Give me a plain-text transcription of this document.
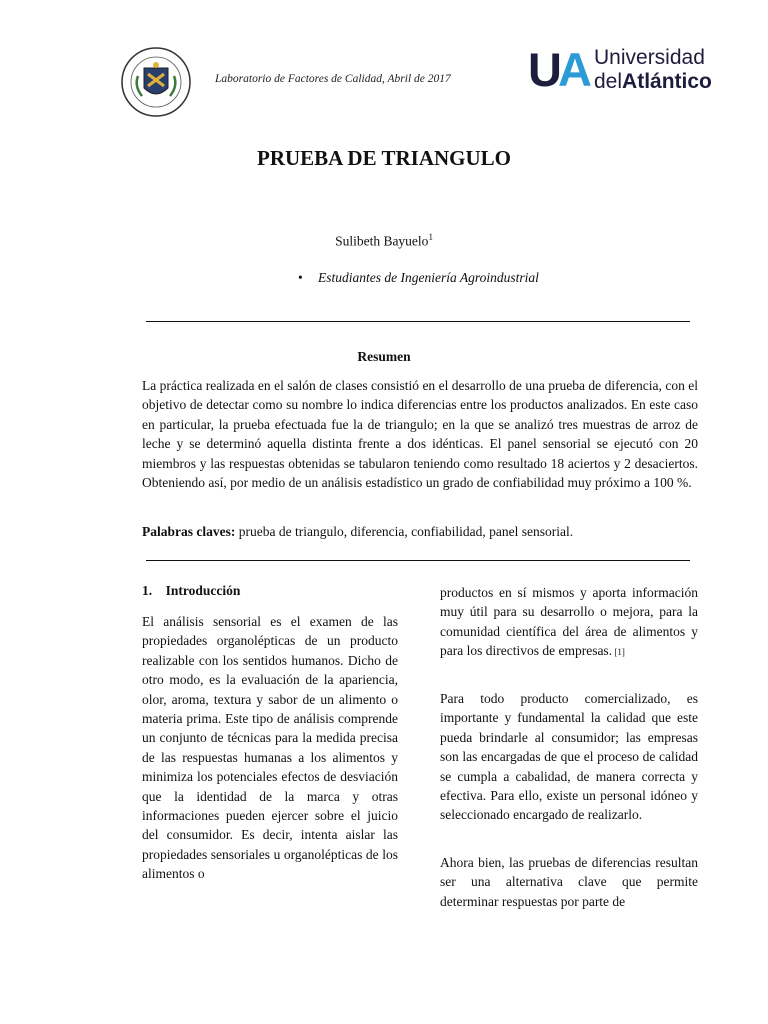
Laboratorio de Factores de Calidad, Abril de 2017 UA Universidad
delAtlántico
PRUEBA DE TRIANGULO
Sulibeth Bayuelo$^1$
• Estudiantes de Ingeniería Agroindustrial
Resumen

La práctica realizada en el salón de clases consistió en el desarrollo de una prueba de diferencia, con el objetivo de detectar como su nombre lo indica diferencias entre los productos analizados. En este caso en particular, la prueba efectuada fue la de triangulo; en la que se analizó tres muestras de arroz de leche y se determinó aquella distinta frente a dos idénticas. El panel sensorial se ejecutó con 20 miembros y las respuestas obtenidas se tabularon teniendo como resultado 18 aciertos y 2 desaciertos. Obteniendo así, por medio de un análisis estadístico un grado de confiabilidad muy próximo a 100 %.

Palabras claves: prueba de triangulo, diferencia, confiabilidad, panel sensorial.

1. Introducción

El análisis sensorial es el examen de las propiedades organolépticas de un producto realizable con los sentidos humanos. Dicho de otro modo, es la evaluación de la apariencia, olor, aroma, textura y sabor de un alimento o materia prima. Este tipo de análisis comprende un conjunto de técnicas para la medida precisa de las respuestas humanas a los alimentos y minimiza los potenciales efectos de desviación que la identidad de la marca y otras informaciones pueden ejercer sobre el juicio del consumidor. Es decir, intenta aislar las propiedades sensoriales u organolépticas de los alimentos o

productos en sí mismos y aporta información muy útil para su desarrollo o mejora, para la comunidad científica del área de alimentos y para los directivos de empresas. [1]

Para todo producto comercializado, es importante y fundamental la calidad que este pueda brindarle al consumidor; las empresas son las encargadas de que el proceso de calidad se cumpla a cabalidad, de manera correcta y efectiva. Para ello, existe un personal idóneo y seleccionado encargado de realizarlo.

Ahora bien, las pruebas de diferencias resultan ser una alternativa clave que permite determinar respuestas por parte de
